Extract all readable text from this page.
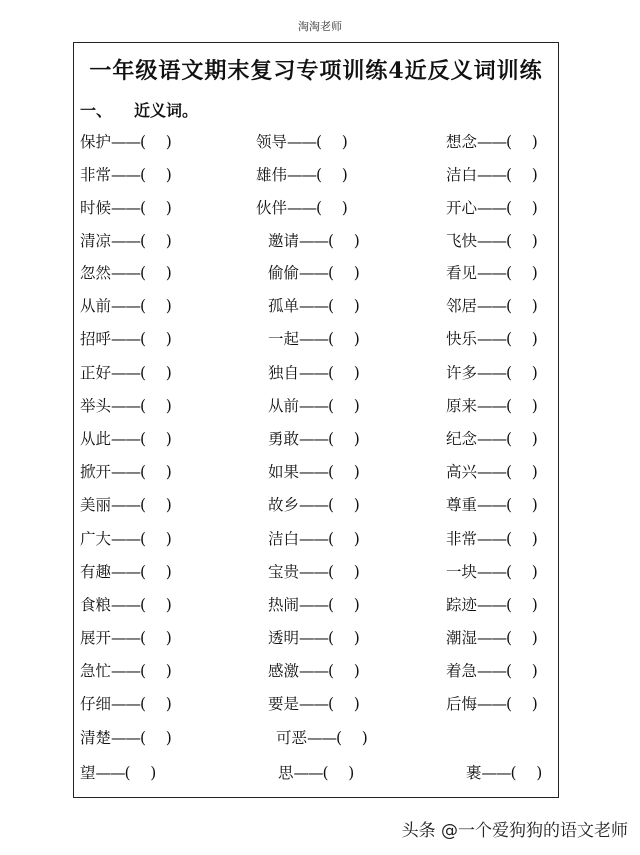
淘淘老师
一年级语文期末复习专项训练4近反义词训练
一、 近义词。
保护——(    )	领导——(    )	想念——(    )
非常——(    )	雄伟——(    )	洁白——(    )
时候——(    )	伙伴——(    )	开心——(    )
清凉——(    )	邀请——(    )	飞快——(    )
忽然——(    )	偷偷——(    )	看见——(    )
从前——(    )	孤单——(    )	邻居——(    )
招呼——(    )	一起——(    )	快乐——(    )
正好——(    )	独自——(    )	许多——(    )
举头——(    )	从前——(    )	原来——(    )
从此——(    )	勇敢——(    )	纪念——(    )
掀开——(    )	如果——(    )	高兴——(    )
美丽——(    )	故乡——(    )	尊重——(    )
广大——(    )	洁白——(    )	非常——(    )
有趣——(    )	宝贵——(    )	一块——(    )
食粮——(    )	热闹——(    )	踪迹——(    )
展开——(    )	透明——(    )	潮湿——(    )
急忙——(    )	感激——(    )	着急——(    )
仔细——(    )	要是——(    )	后悔——(    )
清楚——(    )	可恶——(    )
望——(    )	思——(    )	裹——(    )
头条 @一个爱狗狗的语文老师
